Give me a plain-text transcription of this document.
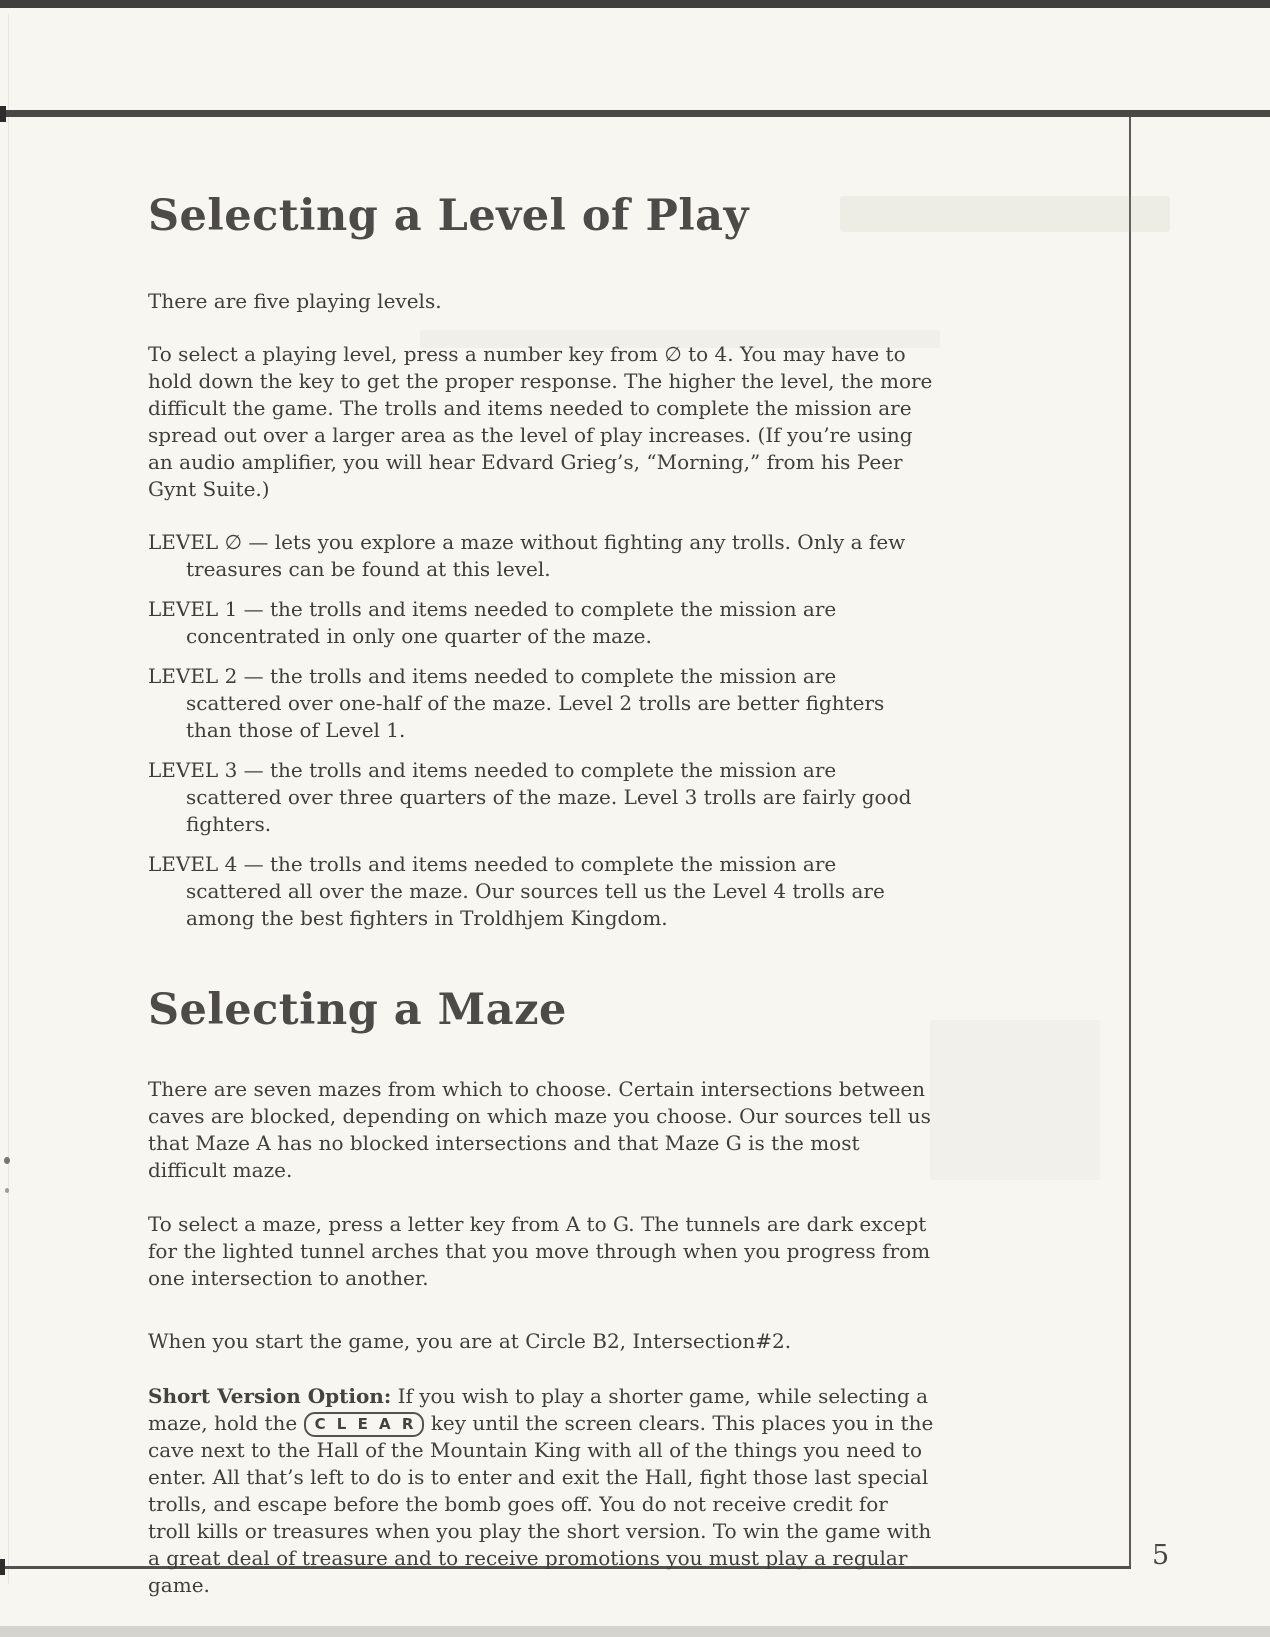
Selecting a Level of Play

There are five playing levels.

To select a playing level, press a number key from ∅ to 4. You may have to hold down the key to get the proper response. The higher the level, the more difficult the game. The trolls and items needed to complete the mission are spread out over a larger area as the level of play increases. (If you’re using an audio amplifier, you will hear Edvard Grieg’s, “Morning,” from his Peer Gynt Suite.)

LEVEL ∅ — lets you explore a maze without fighting any trolls. Only a few treasures can be found at this level.

LEVEL 1 — the trolls and items needed to complete the mission are concentrated in only one quarter of the maze.

LEVEL 2 — the trolls and items needed to complete the mission are scattered over one-half of the maze. Level 2 trolls are better fighters than those of Level 1.

LEVEL 3 — the trolls and items needed to complete the mission are scattered over three quarters of the maze. Level 3 trolls are fairly good fighters.

LEVEL 4 — the trolls and items needed to complete the mission are scattered all over the maze. Our sources tell us the Level 4 trolls are among the best fighters in Troldhjem Kingdom.

Selecting a Maze

There are seven mazes from which to choose. Certain intersections between caves are blocked, depending on which maze you choose. Our sources tell us that Maze A has no blocked intersections and that Maze G is the most difficult maze.

To select a maze, press a letter key from A to G. The tunnels are dark except for the lighted tunnel arches that you move through when you progress from one intersection to another.

When you start the game, you are at Circle B2, Intersection#2.

Short Version Option: If you wish to play a shorter game, while selecting a maze, hold the C L E A R key until the screen clears. This places you in the cave next to the Hall of the Mountain King with all of the things you need to enter. All that’s left to do is to enter and exit the Hall, fight those last special trolls, and escape before the bomb goes off. You do not receive credit for troll kills or treasures when you play the short version. To win the game with a great deal of treasure and to receive promotions you must play a regular game.

5
